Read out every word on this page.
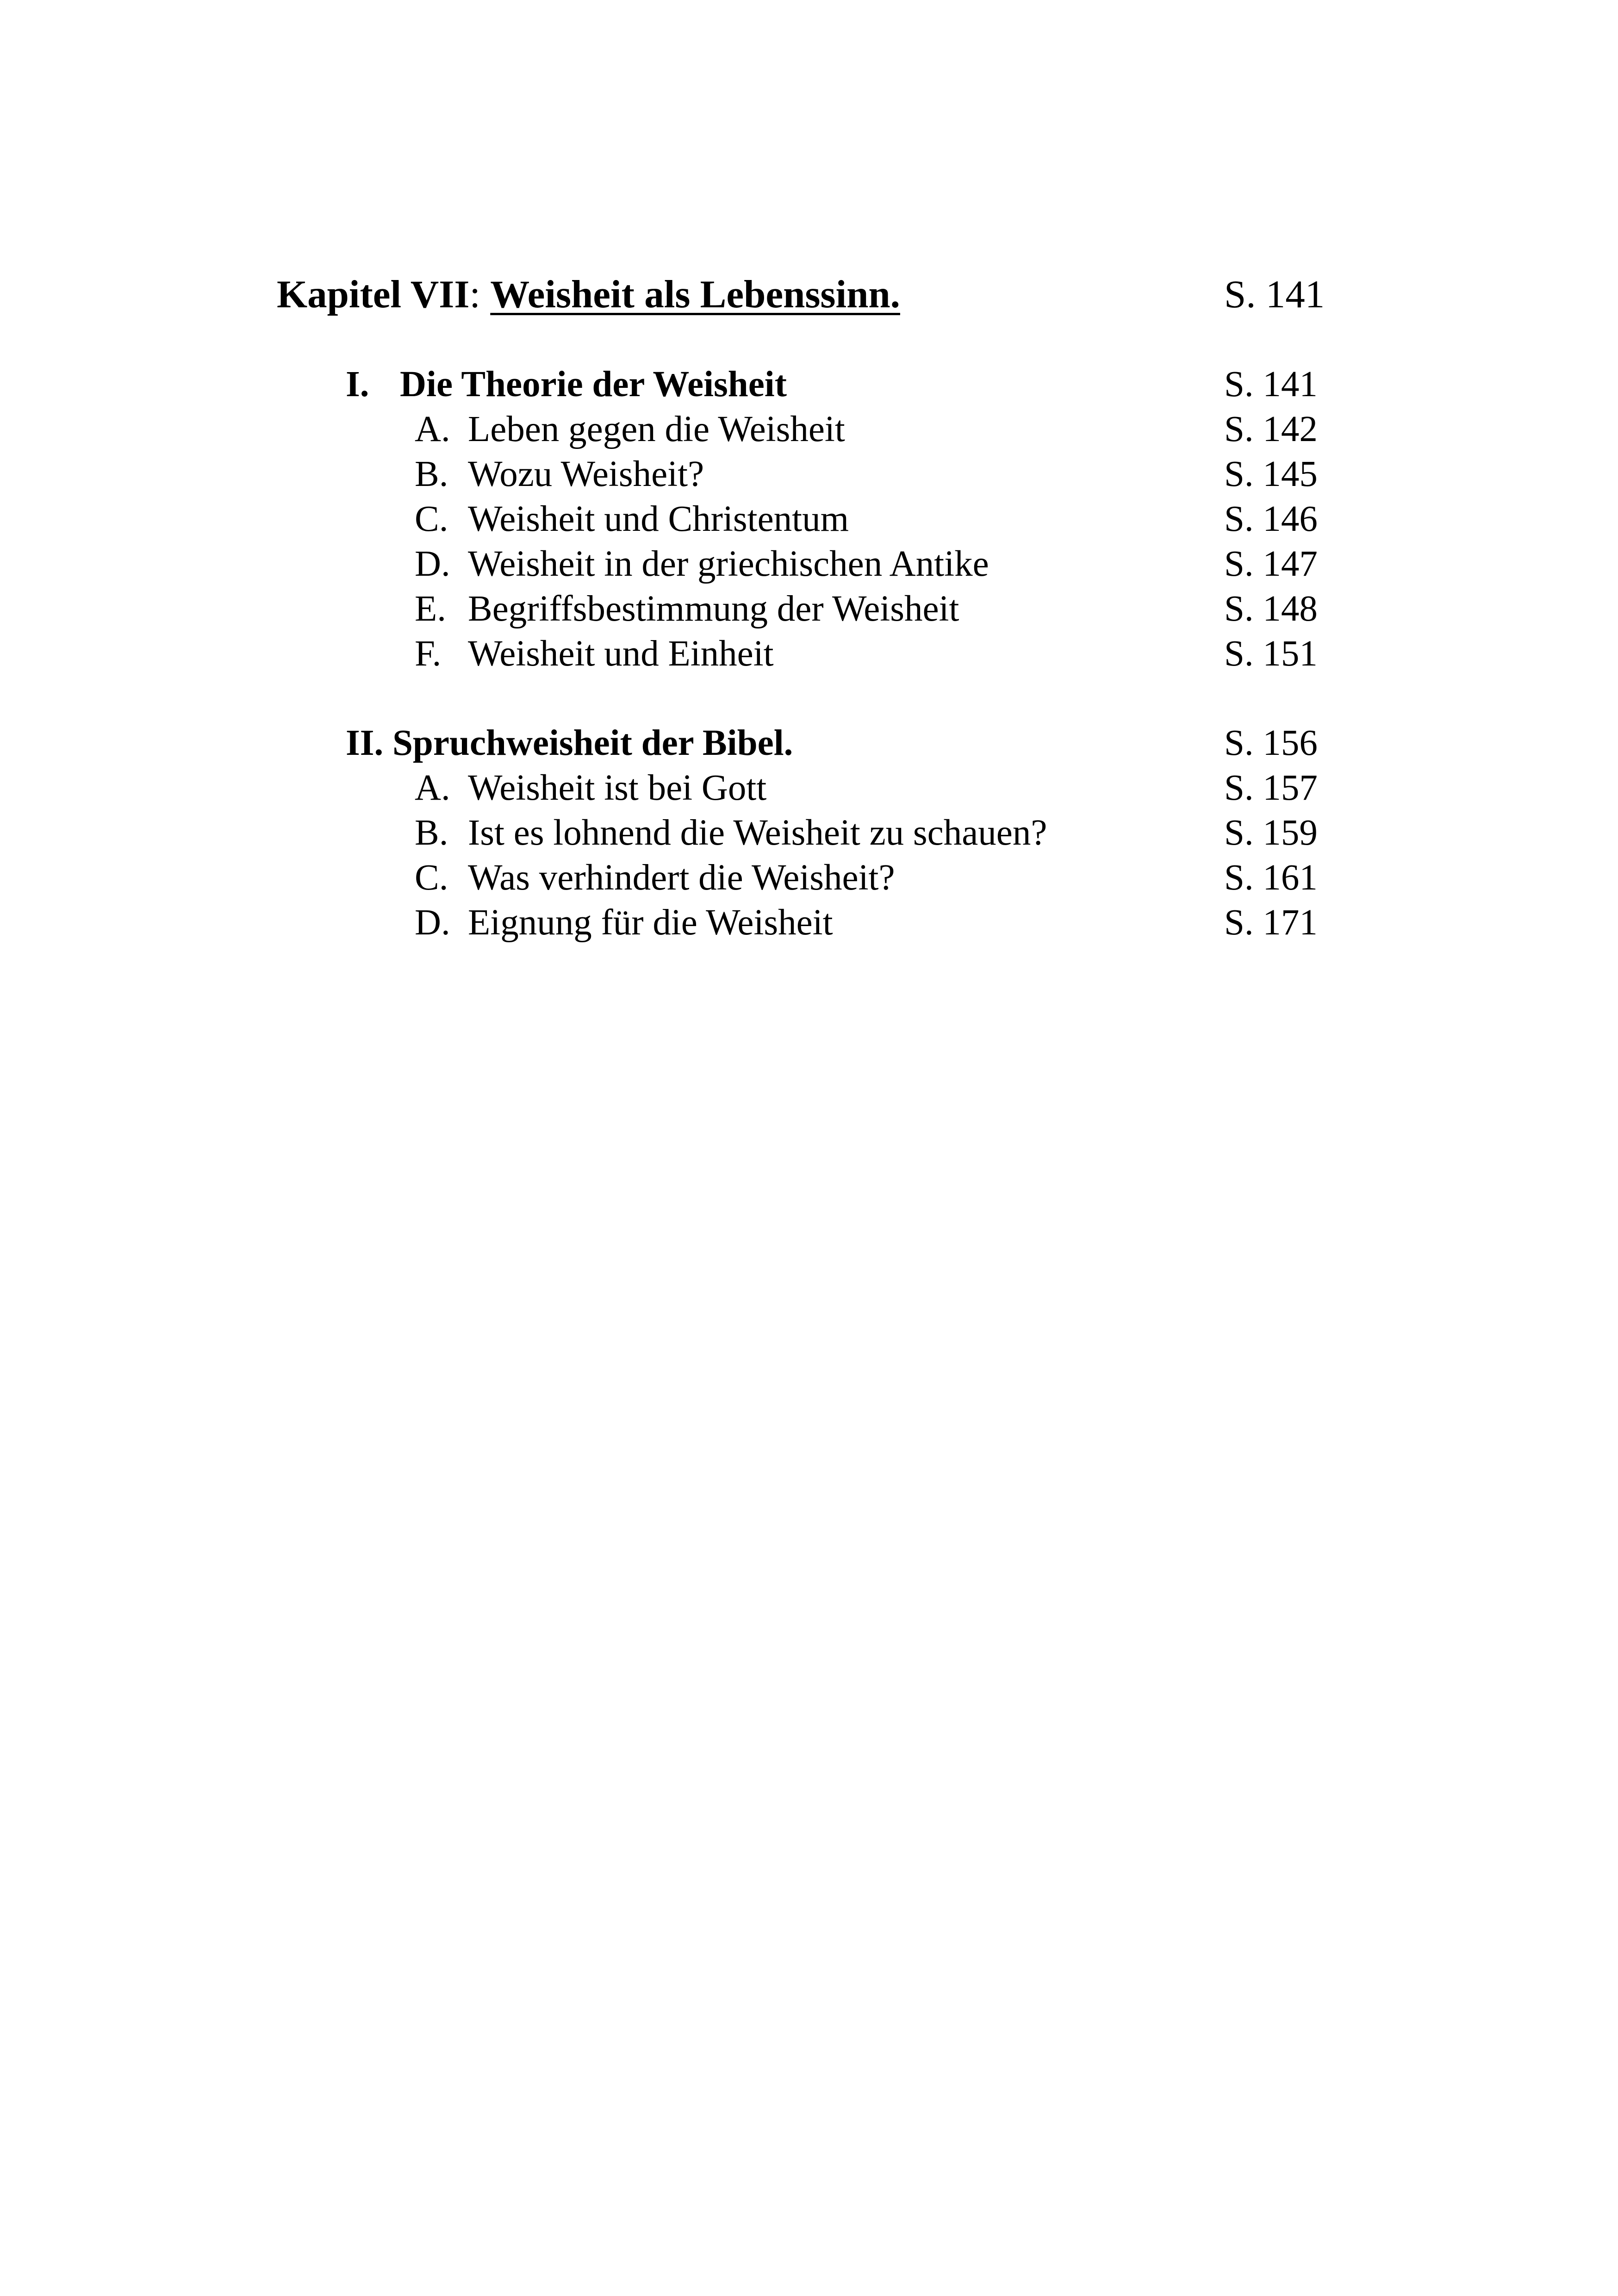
Kapitel VII: Weisheit als Lebenssinn.	S. 141
I. Die Theorie der Weisheit	S. 141
A. Leben gegen die Weisheit	S. 142
B. Wozu Weisheit?	S. 145
C. Weisheit und Christentum	S. 146
D. Weisheit in der griechischen Antike	S. 147
E. Begriffsbestimmung der Weisheit	S. 148
F. Weisheit und Einheit	S. 151
II. Spruchweisheit der Bibel.	S. 156
A. Weisheit ist bei Gott	S. 157
B. Ist es lohnend die Weisheit zu schauen?	S. 159
C. Was verhindert die Weisheit?	S. 161
D. Eignung für die Weisheit	S. 171
